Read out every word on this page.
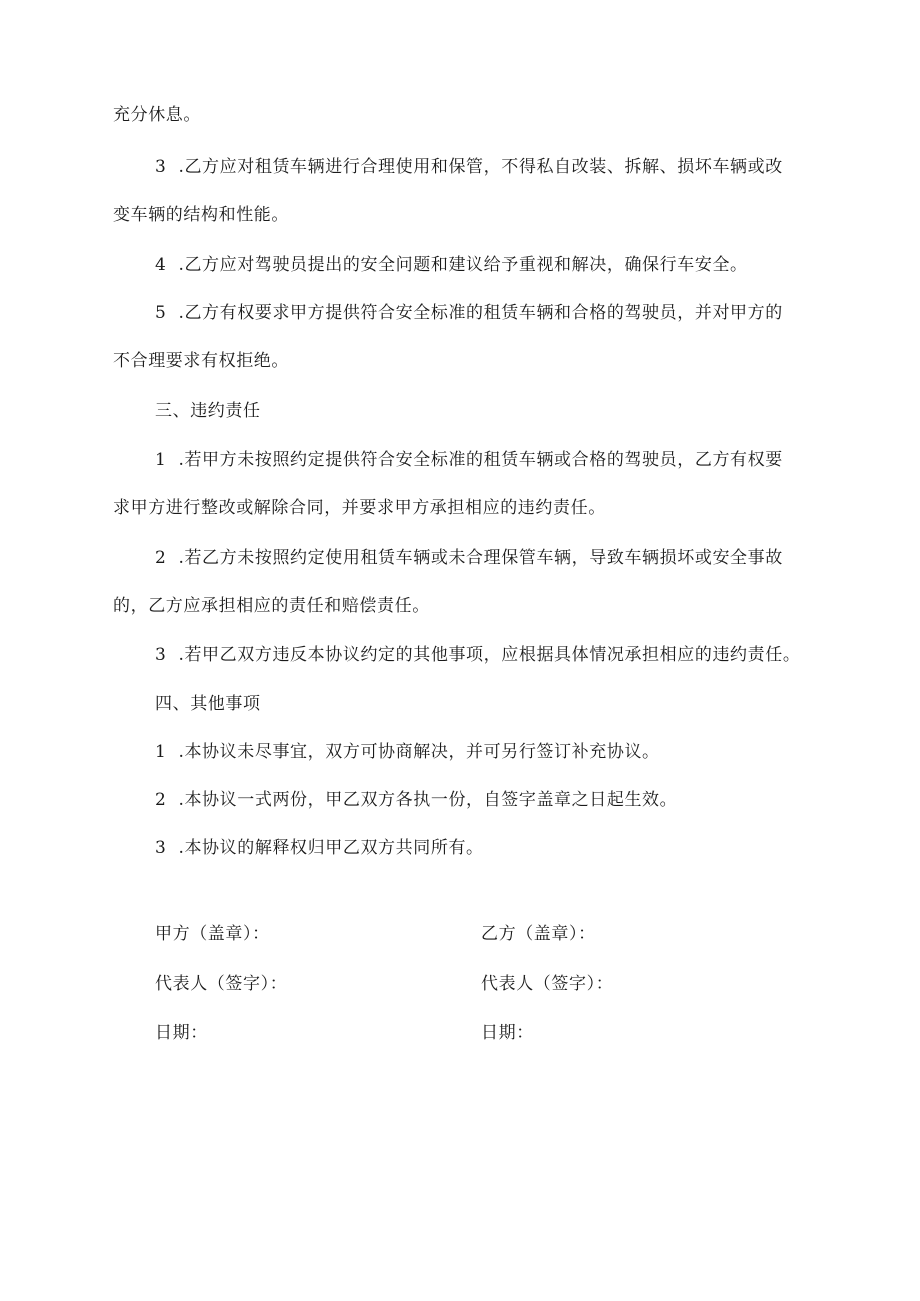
充分休息。
3 .乙方应对租赁车辆进行合理使用和保管，不得私自改装、拆解、损坏车辆或改
变车辆的结构和性能。
4 .乙方应对驾驶员提出的安全问题和建议给予重视和解决，确保行车安全。
5 .乙方有权要求甲方提供符合安全标准的租赁车辆和合格的驾驶员，并对甲方的
不合理要求有权拒绝。
三、违约责任
1 .若甲方未按照约定提供符合安全标准的租赁车辆或合格的驾驶员，乙方有权要
求甲方进行整改或解除合同，并要求甲方承担相应的违约责任。
2 .若乙方未按照约定使用租赁车辆或未合理保管车辆，导致车辆损坏或安全事故
的，乙方应承担相应的责任和赔偿责任。
3 .若甲乙双方违反本协议约定的其他事项，应根据具体情况承担相应的违约责任。
四、其他事项
1 .本协议未尽事宜，双方可协商解决，并可另行签订补充协议。
2 .本协议一式两份，甲乙双方各执一份，自签字盖章之日起生效。
3 .本协议的解释权归甲乙双方共同所有。
甲方（盖章）：	乙方（盖章）：
代表人（签字）：	代表人（签字）：
日期：	日期：
